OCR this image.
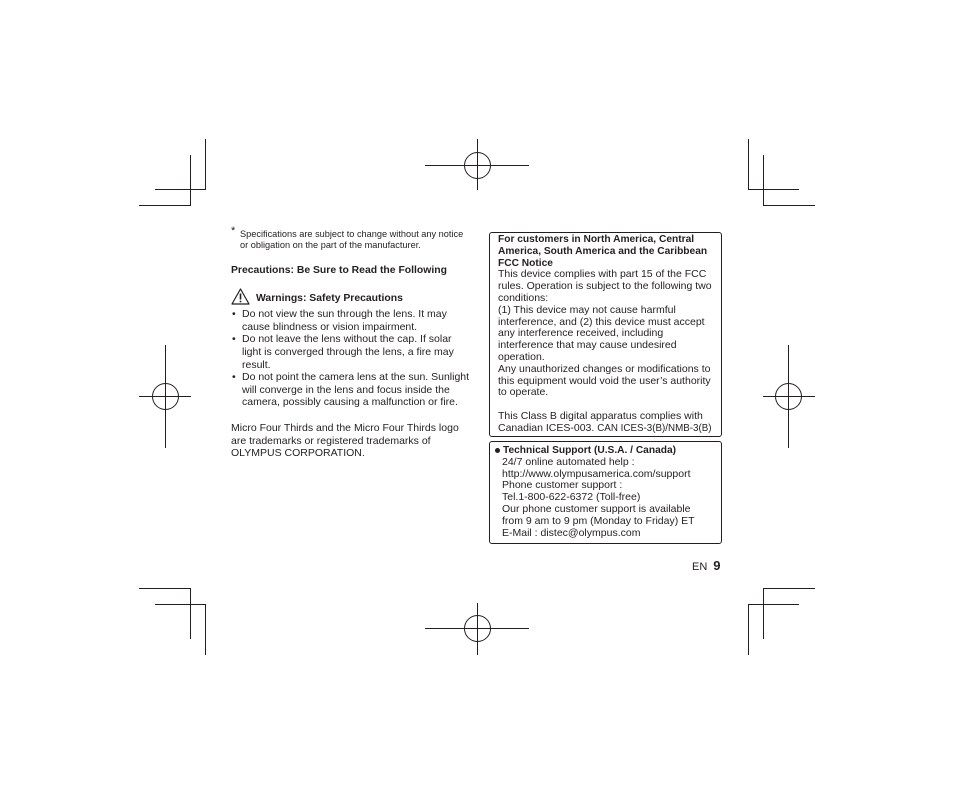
* Specifications are subject to change without any notice or obligation on the part of the manufacturer.
Precautions: Be Sure to Read the Following
Warnings: Safety Precautions
• Do not view the sun through the lens. It may cause blindness or vision impairment.
• Do not leave the lens without the cap. If solar light is converged through the lens, a fire may result.
• Do not point the camera lens at the sun. Sunlight will converge in the lens and focus inside the camera, possibly causing a malfunction or fire.
Micro Four Thirds and the Micro Four Thirds logo are trademarks or registered trademarks of OLYMPUS CORPORATION.
For customers in North America, Central
America, South America and the Caribbean
FCC Notice
This device complies with part 15 of the FCC rules. Operation is subject to the following two conditions:
(1) This device may not cause harmful interference, and (2) this device must accept any interference received, including interference that may cause undesired operation.
Any unauthorized changes or modifications to this equipment would void the user’s authority to operate.
This Class B digital apparatus complies with Canadian ICES-003. CAN ICES-3(B)/NMB-3(B)
Technical Support (U.S.A. / Canada)
24/7 online automated help :
http://www.olympusamerica.com/support
Phone customer support :
Tel.1-800-622-6372 (Toll-free)
Our phone customer support is available
from 9 am to 9 pm (Monday to Friday) ET
E-Mail : distec@olympus.com
EN 9
